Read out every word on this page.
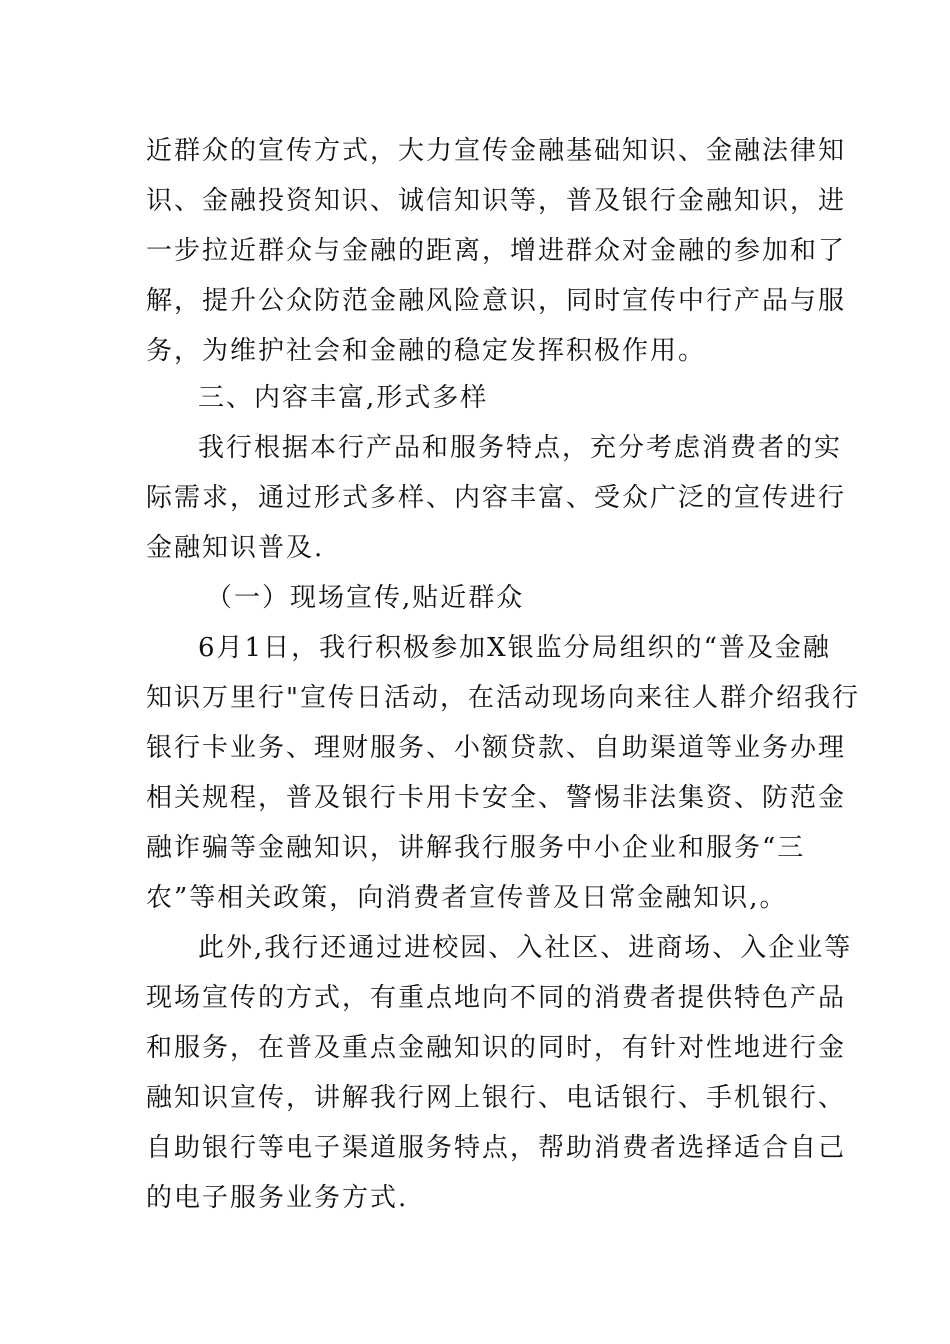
近群众的宣传方式，大力宣传金融基础知识、金融法律知
识、金融投资知识、诚信知识等，普及银行金融知识，进
一步拉近群众与金融的距离，增进群众对金融的参加和了
解，提升公众防范金融风险意识，同时宣传中行产品与服
务，为维护社会和金融的稳定发挥积极作用。
三、内容丰富,形式多样
我行根据本行产品和服务特点，充分考虑消费者的实
际需求，通过形式多样、内容丰富、受众广泛的宣传进行
金融知识普及.
（一）现场宣传,贴近群众
6月1日，我行积极参加X银监分局组织的“普及金融
知识万里行"宣传日活动，在活动现场向来往人群介绍我行
银行卡业务、理财服务、小额贷款、自助渠道等业务办理
相关规程，普及银行卡用卡安全、警惕非法集资、防范金
融诈骗等金融知识，讲解我行服务中小企业和服务“三
农”等相关政策，向消费者宣传普及日常金融知识,。
此外,我行还通过进校园、入社区、进商场、入企业等
现场宣传的方式，有重点地向不同的消费者提供特色产品
和服务，在普及重点金融知识的同时，有针对性地进行金
融知识宣传，讲解我行网上银行、电话银行、手机银行、
自助银行等电子渠道服务特点，帮助消费者选择适合自己
的电子服务业务方式.
